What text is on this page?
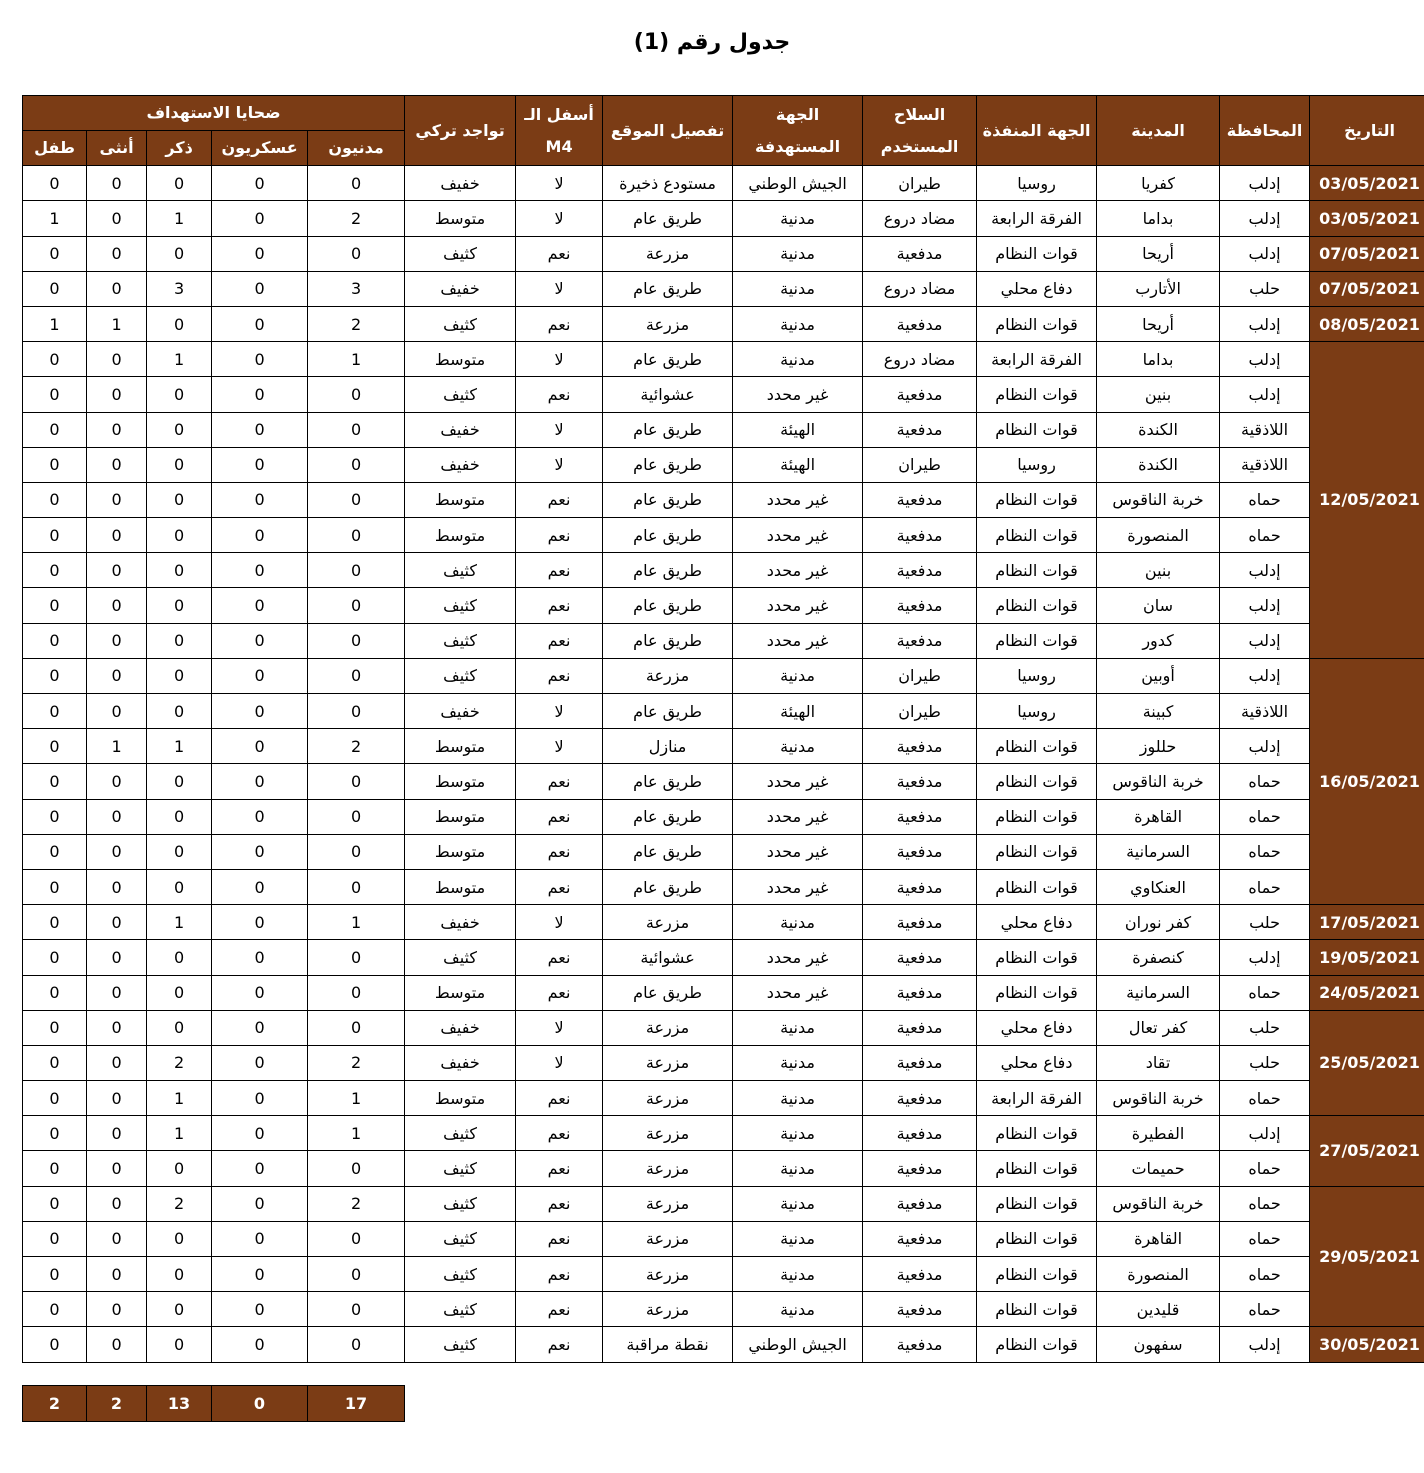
جدول رقم (1)
التاريخ	المحافظة	المدينة	الجهة المنفذة	السلاح المستخدم	الجهة المستهدفة	تفصيل الموقع	أسفل الـ M4	تواجد تركي	ضحايا الاستهداف				
									مدنيون	عسكريون	ذكر	أنثى	طفل
03/05/2021	إدلب	كفريا	روسيا	طيران	الجيش الوطني	مستودع ذخيرة	لا	خفيف	0	0	0	0	0
03/05/2021	إدلب	بداما	الفرقة الرابعة	مضاد دروع	مدنية	طريق عام	لا	متوسط	2	0	1	0	1
07/05/2021	إدلب	أريحا	قوات النظام	مدفعية	مدنية	مزرعة	نعم	كثيف	0	0	0	0	0
07/05/2021	حلب	الأتارب	دفاع محلي	مضاد دروع	مدنية	طريق عام	لا	خفيف	3	0	3	0	0
08/05/2021	إدلب	أريحا	قوات النظام	مدفعية	مدنية	مزرعة	نعم	كثيف	2	0	0	1	1
12/05/2021	إدلب	بداما	الفرقة الرابعة	مضاد دروع	مدنية	طريق عام	لا	متوسط	1	0	1	0	0
	إدلب	بنين	قوات النظام	مدفعية	غير محدد	عشوائية	نعم	كثيف	0	0	0	0	0
	اللاذقية	الكندة	قوات النظام	مدفعية	الهيئة	طريق عام	لا	خفيف	0	0	0	0	0
	اللاذقية	الكندة	روسيا	طيران	الهيئة	طريق عام	لا	خفيف	0	0	0	0	0
	حماه	خربة الناقوس	قوات النظام	مدفعية	غير محدد	طريق عام	نعم	متوسط	0	0	0	0	0
	حماه	المنصورة	قوات النظام	مدفعية	غير محدد	طريق عام	نعم	متوسط	0	0	0	0	0
	إدلب	بنين	قوات النظام	مدفعية	غير محدد	طريق عام	نعم	كثيف	0	0	0	0	0
	إدلب	سان	قوات النظام	مدفعية	غير محدد	طريق عام	نعم	كثيف	0	0	0	0	0
	إدلب	كدور	قوات النظام	مدفعية	غير محدد	طريق عام	نعم	كثيف	0	0	0	0	0
16/05/2021	إدلب	أوبين	روسيا	طيران	مدنية	مزرعة	نعم	كثيف	0	0	0	0	0
	اللاذقية	كبينة	روسيا	طيران	الهيئة	طريق عام	لا	خفيف	0	0	0	0	0
	إدلب	حللوز	قوات النظام	مدفعية	مدنية	منازل	لا	متوسط	2	0	1	1	0
	حماه	خربة الناقوس	قوات النظام	مدفعية	غير محدد	طريق عام	نعم	متوسط	0	0	0	0	0
	حماه	القاهرة	قوات النظام	مدفعية	غير محدد	طريق عام	نعم	متوسط	0	0	0	0	0
	حماه	السرمانية	قوات النظام	مدفعية	غير محدد	طريق عام	نعم	متوسط	0	0	0	0	0
	حماه	العنكاوي	قوات النظام	مدفعية	غير محدد	طريق عام	نعم	متوسط	0	0	0	0	0
17/05/2021	حلب	كفر نوران	دفاع محلي	مدفعية	مدنية	مزرعة	لا	خفيف	1	0	1	0	0
19/05/2021	إدلب	كنصفرة	قوات النظام	مدفعية	غير محدد	عشوائية	نعم	كثيف	0	0	0	0	0
24/05/2021	حماه	السرمانية	قوات النظام	مدفعية	غير محدد	طريق عام	نعم	متوسط	0	0	0	0	0
25/05/2021	حلب	كفر تعال	دفاع محلي	مدفعية	مدنية	مزرعة	لا	خفيف	0	0	0	0	0
	حلب	تقاد	دفاع محلي	مدفعية	مدنية	مزرعة	لا	خفيف	2	0	2	0	0
	حماه	خربة الناقوس	الفرقة الرابعة	مدفعية	مدنية	مزرعة	نعم	متوسط	1	0	1	0	0
27/05/2021	إدلب	الفطيرة	قوات النظام	مدفعية	مدنية	مزرعة	نعم	كثيف	1	0	1	0	0
	حماه	حميمات	قوات النظام	مدفعية	مدنية	مزرعة	نعم	كثيف	0	0	0	0	0
29/05/2021	حماه	خربة الناقوس	قوات النظام	مدفعية	مدنية	مزرعة	نعم	كثيف	2	0	2	0	0
	حماه	القاهرة	قوات النظام	مدفعية	مدنية	مزرعة	نعم	كثيف	0	0	0	0	0
	حماه	المنصورة	قوات النظام	مدفعية	مدنية	مزرعة	نعم	كثيف	0	0	0	0	0
	حماه	قليدين	قوات النظام	مدفعية	مدنية	مزرعة	نعم	كثيف	0	0	0	0	0
30/05/2021	إدلب	سفهون	قوات النظام	مدفعية	الجيش الوطني	نقطة مراقبة	نعم	كثيف	0	0	0	0	0
17	0	13	2	2
